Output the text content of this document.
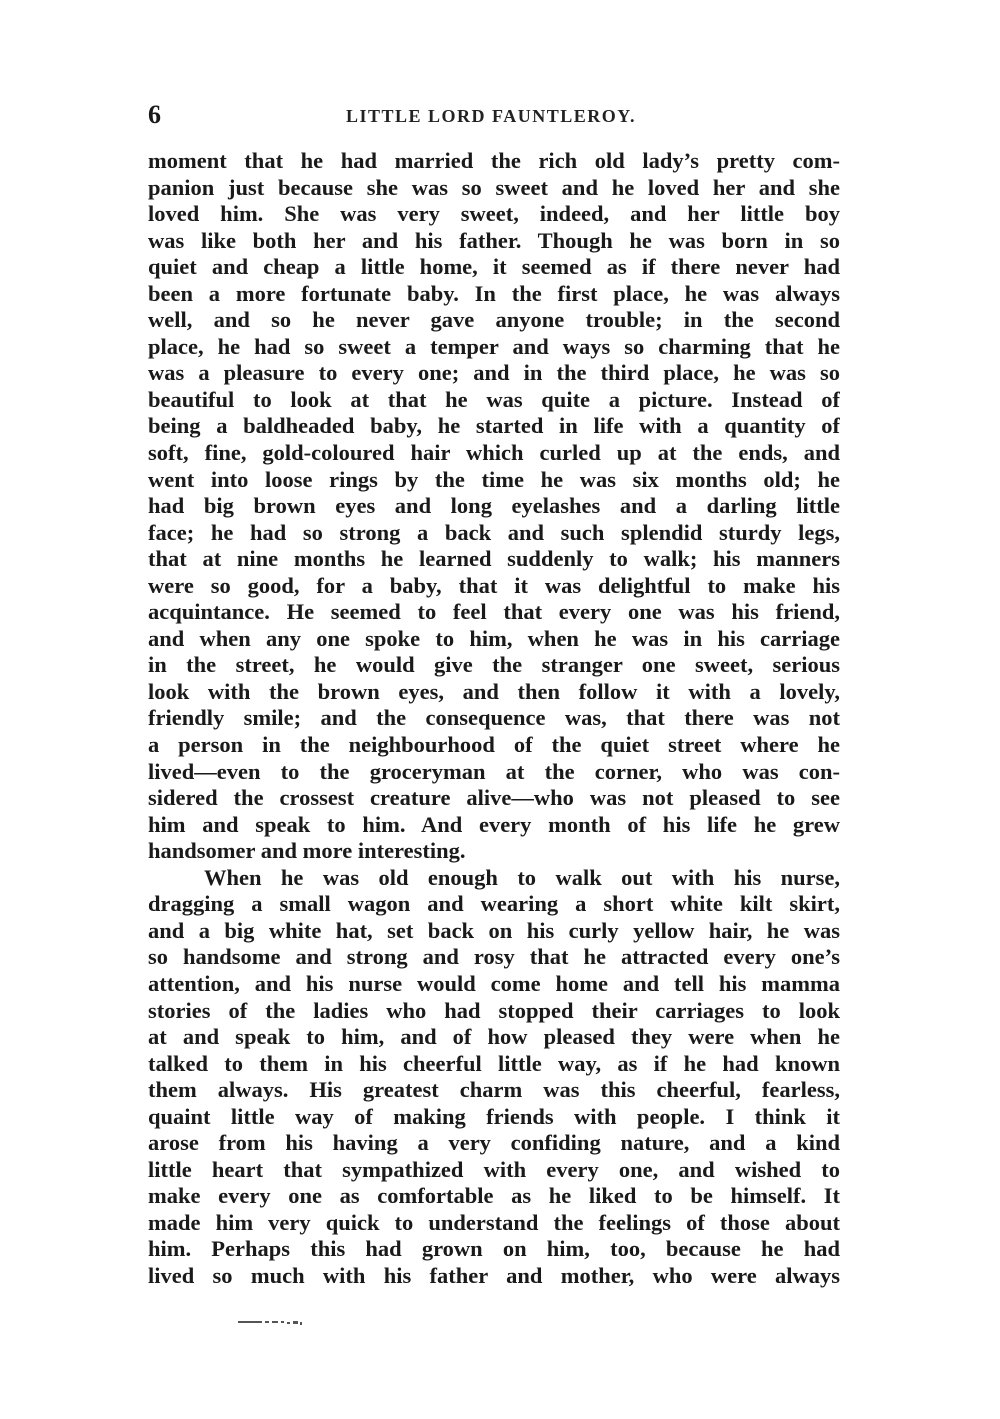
6	LITTLE LORD FAUNTLEROY.
moment that he had married the rich old lady’s pretty com-
panion just because she was so sweet and he loved her and she
loved him. She was very sweet, indeed, and her little boy
was like both her and his father. Though he was born in so
quiet and cheap a little home, it seemed as if there never had
been a more fortunate baby. In the first place, he was always
well, and so he never gave anyone trouble; in the second
place, he had so sweet a temper and ways so charming that he
was a pleasure to every one; and in the third place, he was so
beautiful to look at that he was quite a picture. Instead of
being a baldheaded baby, he started in life with a quantity of
soft, fine, gold-coloured hair which curled up at the ends, and
went into loose rings by the time he was six months old; he
had big brown eyes and long eyelashes and a darling little
face; he had so strong a back and such splendid sturdy legs,
that at nine months he learned suddenly to walk; his manners
were so good, for a baby, that it was delightful to make his
acquintance. He seemed to feel that every one was his friend,
and when any one spoke to him, when he was in his carriage
in the street, he would give the stranger one sweet, serious
look with the brown eyes, and then follow it with a lovely,
friendly smile; and the consequence was, that there was not
a person in the neighbourhood of the quiet street where he
lived—even to the groceryman at the corner, who was con-
sidered the crossest creature alive—who was not pleased to see
him and speak to him. And every month of his life he grew
handsomer and more interesting.
When he was old enough to walk out with his nurse,
dragging a small wagon and wearing a short white kilt skirt,
and a big white hat, set back on his curly yellow hair, he was
so handsome and strong and rosy that he attracted every one’s
attention, and his nurse would come home and tell his mamma
stories of the ladies who had stopped their carriages to look
at and speak to him, and of how pleased they were when he
talked to them in his cheerful little way, as if he had known
them always. His greatest charm was this cheerful, fearless,
quaint little way of making friends with people. I think it
arose from his having a very confiding nature, and a kind
little heart that sympathized with every one, and wished to
make every one as comfortable as he liked to be himself. It
made him very quick to understand the feelings of those about
him. Perhaps this had grown on him, too, because he had
lived so much with his father and mother, who were always
